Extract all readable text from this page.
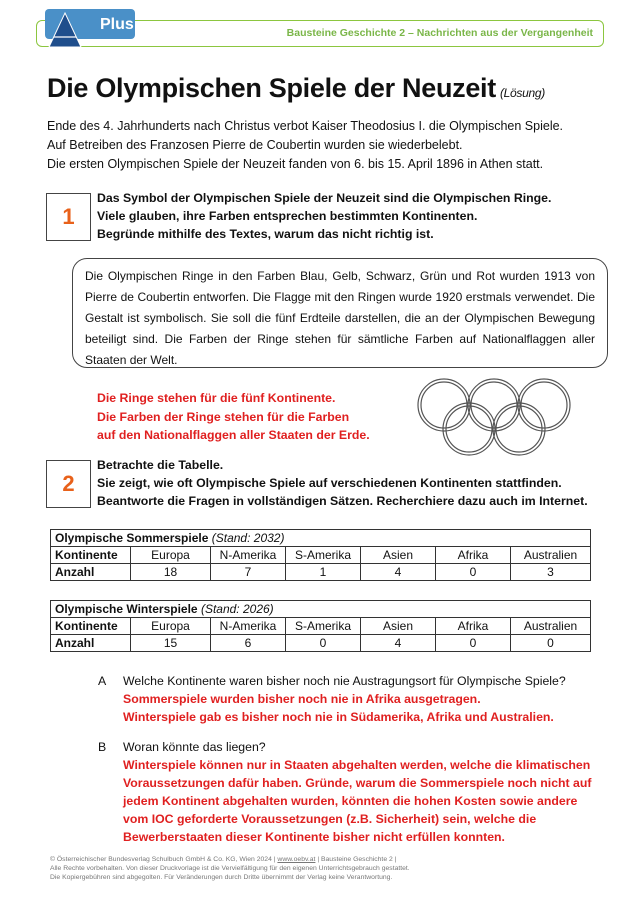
Bausteine Geschichte 2 – Nachrichten aus der Vergangenheit
Plus
Die Olympischen Spiele der Neuzeit (Lösung)
Ende des 4. Jahrhunderts nach Christus verbot Kaiser Theodosius I. die Olympischen Spiele.
Auf Betreiben des Franzosen Pierre de Coubertin wurden sie wiederbelebt.
Die ersten Olympischen Spiele der Neuzeit fanden von 6. bis 15. April 1896 in Athen statt.
1
Das Symbol der Olympischen Spiele der Neuzeit sind die Olympischen Ringe.
Viele glauben, ihre Farben entsprechen bestimmten Kontinenten.
Begründe mithilfe des Textes, warum das nicht richtig ist.
Die Olympischen Ringe in den Farben Blau, Gelb, Schwarz, Grün und Rot wurden 1913 von Pierre de Coubertin entworfen. Die Flagge mit den Ringen wurde 1920 erstmals verwendet. Die Gestalt ist symbolisch. Sie soll die fünf Erdteile darstellen, die an der Olympischen Bewegung beteiligt sind. Die Farben der Ringe stehen für sämtliche Farben auf Nationalflaggen aller Staaten der Welt.
Die Ringe stehen für die fünf Kontinente.
Die Farben der Ringe stehen für die Farben
auf den Nationalflaggen aller Staaten der Erde.
2
Betrachte die Tabelle.
Sie zeigt, wie oft Olympische Spiele auf verschiedenen Kontinenten stattfinden.
Beantworte die Fragen in vollständigen Sätzen. Recherchiere dazu auch im Internet.
Olympische Sommerspiele (Stand: 2032)						
Kontinente	Europa	N-Amerika	S-Amerika	Asien	Afrika	Australien
Anzahl	18	7	1	4	0	3
Olympische Winterspiele (Stand: 2026)						
Kontinente	Europa	N-Amerika	S-Amerika	Asien	Afrika	Australien
Anzahl	15	6	0	4	0	0
A Welche Kontinente waren bisher noch nie Austragungsort für Olympische Spiele?
Sommerspiele wurden bisher noch nie in Afrika ausgetragen.
Winterspiele gab es bisher noch nie in Südamerika, Afrika und Australien.
B Woran könnte das liegen?
Winterspiele können nur in Staaten abgehalten werden, welche die klimatischen
Voraussetzungen dafür haben. Gründe, warum die Sommerspiele noch nicht auf
jedem Kontinent abgehalten wurden, könnten die hohen Kosten sowie andere
vom IOC geforderte Voraussetzungen (z.B. Sicherheit) sein, welche die
Bewerberstaaten dieser Kontinente bisher nicht erfüllen konnten.
© Österreichischer Bundesverlag Schulbuch GmbH & Co. KG, Wien 2024 | www.oebv.at | Bausteine Geschichte 2 |
Alle Rechte vorbehalten. Von dieser Druckvorlage ist die Vervielfältigung für den eigenen Unterrichtsgebrauch gestattet.
Die Kopiergebühren sind abgegolten. Für Veränderungen durch Dritte übernimmt der Verlag keine Verantwortung.
